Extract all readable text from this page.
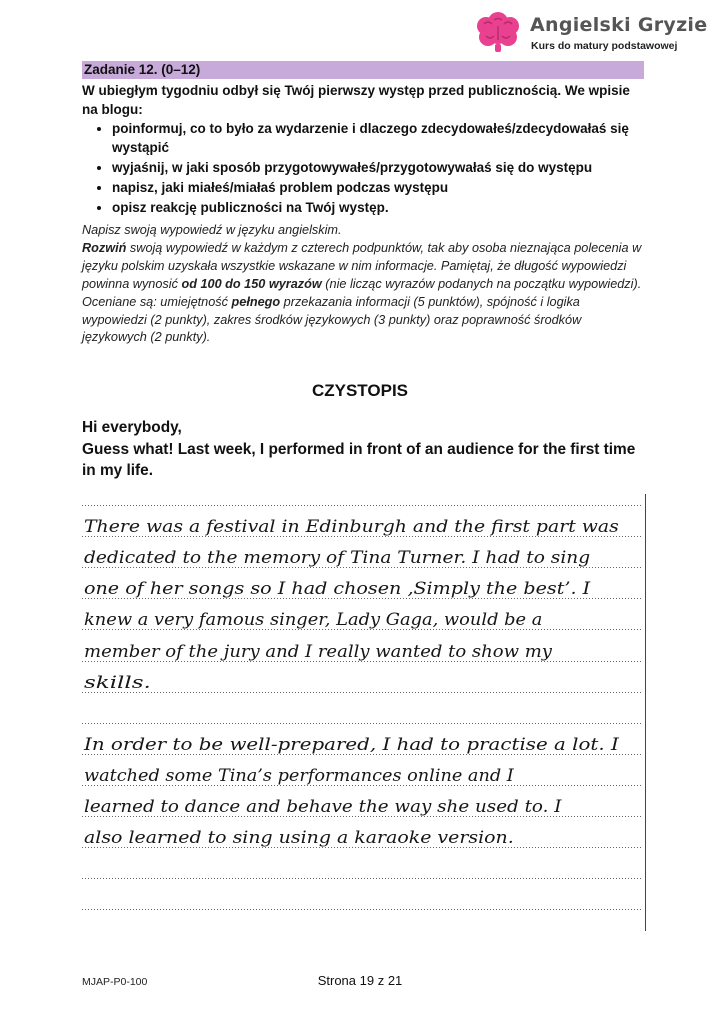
Angielski Gryzie
Kurs do matury podstawowej
Zadanie 12. (0–12)

W ubiegłym tygodniu odbył się Twój pierwszy występ przed publicznością. We wpisie na blogu:

• poinformuj, co to było za wydarzenie i dlaczego zdecydowałeś/zdecydowałaś się wystąpić
• wyjaśnij, w jaki sposób przygotowywałeś/przygotowywałaś się do występu
• napisz, jaki miałeś/miałaś problem podczas występu
• opisz reakcję publiczności na Twój występ.

Napisz swoją wypowiedź w języku angielskim.

Rozwiń swoją wypowiedź w każdym z czterech podpunktów, tak aby osoba nieznająca polecenia w języku polskim uzyskała wszystkie wskazane w nim informacje. Pamiętaj, że długość wypowiedzi powinna wynosić od 100 do 150 wyrazów (nie licząc wyrazów podanych na początku wypowiedzi). Oceniane są: umiejętność pełnego przekazania informacji (5 punktów), spójność i logika wypowiedzi (2 punkty), zakres środków językowych (3 punkty) oraz poprawność środków językowych (2 punkty).

CZYSTOPIS

Hi everybody,

Guess what! Last week, I performed in front of an audience for the first time in my life.

There was a festival in Edinburgh and the first part was
dedicated to the memory of Tina Turner. I had to sing
one of her songs so I had chosen ‚Simply the best’. I
knew a very famous singer, Lady Gaga, would be a
member of the jury and I really wanted to show my
skills.
In order to be well-prepared, I had to practise a lot. I
watched some Tina’s performances online and I
learned to dance and behave the way she used to. I
also learned to sing using a karaoke version.
MJAP-P0-100	Strona 19 z 21
